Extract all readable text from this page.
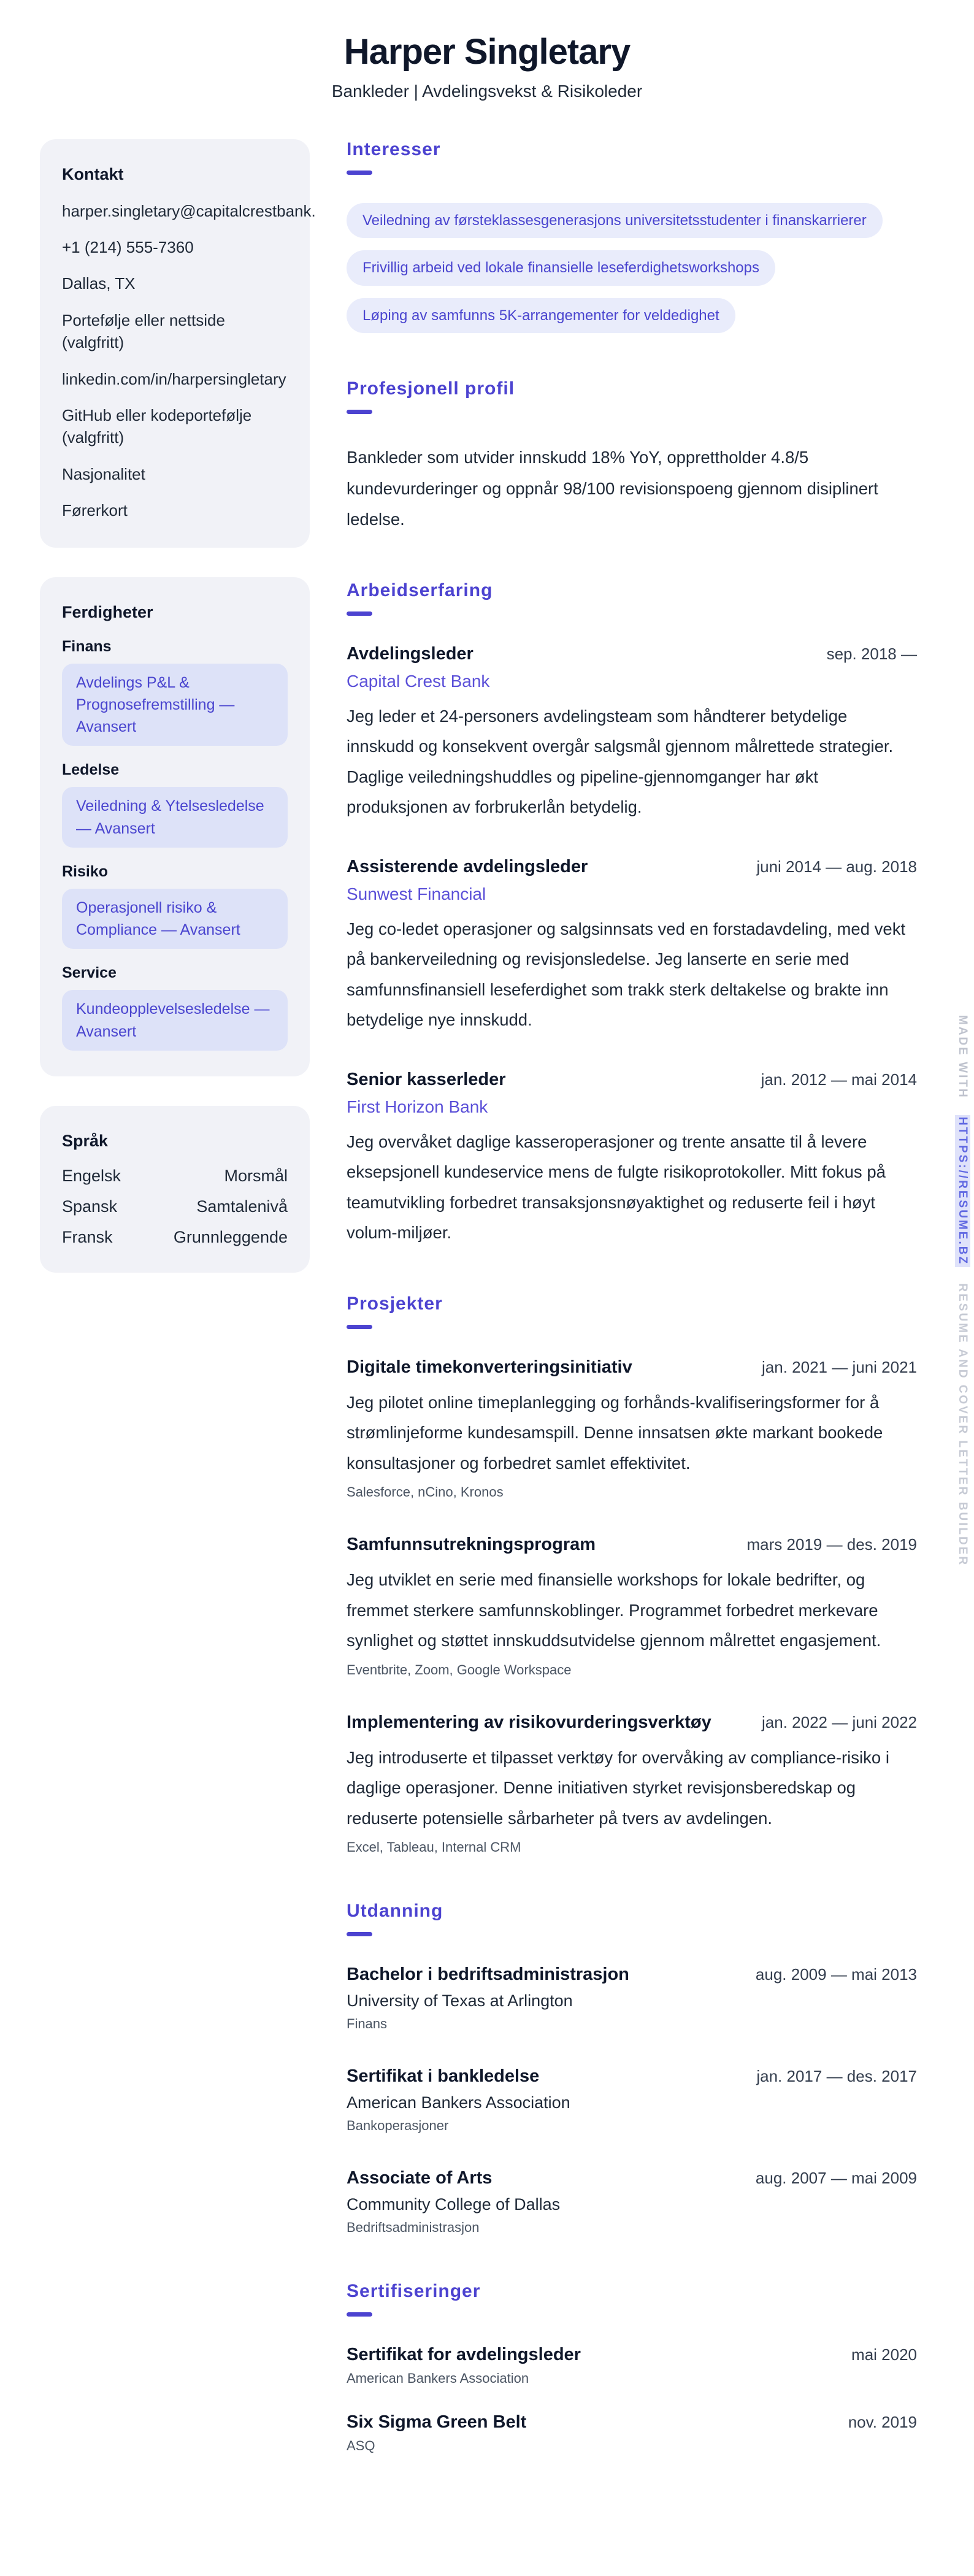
Harper Singletary
Bankleder | Avdelingsvekst & Risikoleder
Kontakt
harper.singletary@capitalcrestbank.
+1 (214) 555-7360
Dallas, TX
Portefølje eller nettside (valgfritt)
linkedin.com/in/harpersingletary
GitHub eller kodeportefølje (valgfritt)
Nasjonalitet
Førerkort
Ferdigheter
Finans
Avdelings P&L & Prognosefremstilling — Avansert
Ledelse
Veiledning & Ytelsesledelse — Avansert
Risiko
Operasjonell risiko & Compliance — Avansert
Service
Kundeopplevelsesledelse — Avansert
Språk
Engelsk	Morsmål
Spansk	Samtalenivå
Fransk	Grunnleggende
Interesser
Veiledning av førsteklassesgenerasjons universitetsstudenter i finanskarrierer
Frivillig arbeid ved lokale finansielle leseferdighetsworkshops
Løping av samfunns 5K-arrangementer for veldedighet
Profesjonell profil
Bankleder som utvider innskudd 18% YoY, opprettholder 4.8/5 kundevurderinger og oppnår 98/100 revisionspoeng gjennom disiplinert ledelse.
Arbeidserfaring
Avdelingsleder	sep. 2018 —
Capital Crest Bank
Jeg leder et 24-personers avdelingsteam som håndterer betydelige innskudd og konsekvent overgår salgsmål gjennom målrettede strategier. Daglige veiledningshuddles og pipeline-gjennomganger har økt produksjonen av forbrukerlån betydelig.
Assisterende avdelingsleder	juni 2014 — aug. 2018
Sunwest Financial
Jeg co-ledet operasjoner og salgsinnsats ved en forstadavdeling, med vekt på bankerveiledning og revisjonsledelse. Jeg lanserte en serie med samfunnsfinansiell leseferdighet som trakk sterk deltakelse og brakte inn betydelige nye innskudd.
Senior kasserleder	jan. 2012 — mai 2014
First Horizon Bank
Jeg overvåket daglige kasseroperasjoner og trente ansatte til å levere eksepsjonell kundeservice mens de fulgte risikoprotokoller. Mitt fokus på teamutvikling forbedret transaksjonsnøyaktighet og reduserte feil i høyt volum-miljøer.
Prosjekter
Digitale timekonverteringsinitiativ	jan. 2021 — juni 2021
Jeg pilotet online timeplanlegging og forhånds-kvalifiseringsformer for å strømlinjeforme kundesamspill. Denne innsatsen økte markant bookede konsultasjoner og forbedret samlet effektivitet.
Salesforce, nCino, Kronos
Samfunnsutrekningsprogram	mars 2019 — des. 2019
Jeg utviklet en serie med finansielle workshops for lokale bedrifter, og fremmet sterkere samfunnskoblinger. Programmet forbedret merkevare synlighet og støttet innskuddsutvidelse gjennom målrettet engasjement.
Eventbrite, Zoom, Google Workspace
Implementering av risikovurderingsverktøy	jan. 2022 — juni 2022
Jeg introduserte et tilpasset verktøy for overvåking av compliance-risiko i daglige operasjoner. Denne initiativen styrket revisjonsberedskap og reduserte potensielle sårbarheter på tvers av avdelingen.
Excel, Tableau, Internal CRM
Utdanning
Bachelor i bedriftsadministrasjon	aug. 2009 — mai 2013
University of Texas at Arlington
Finans
Sertifikat i bankledelse	jan. 2017 — des. 2017
American Bankers Association
Bankoperasjoner
Associate of Arts	aug. 2007 — mai 2009
Community College of Dallas
Bedriftsadministrasjon
Sertifiseringer
Sertifikat for avdelingsleder	mai 2020
American Bankers Association
Six Sigma Green Belt	nov. 2019
ASQ
MADE WITH HTTPS://RESUME.BZ RESUME AND COVER LETTER BUILDER
